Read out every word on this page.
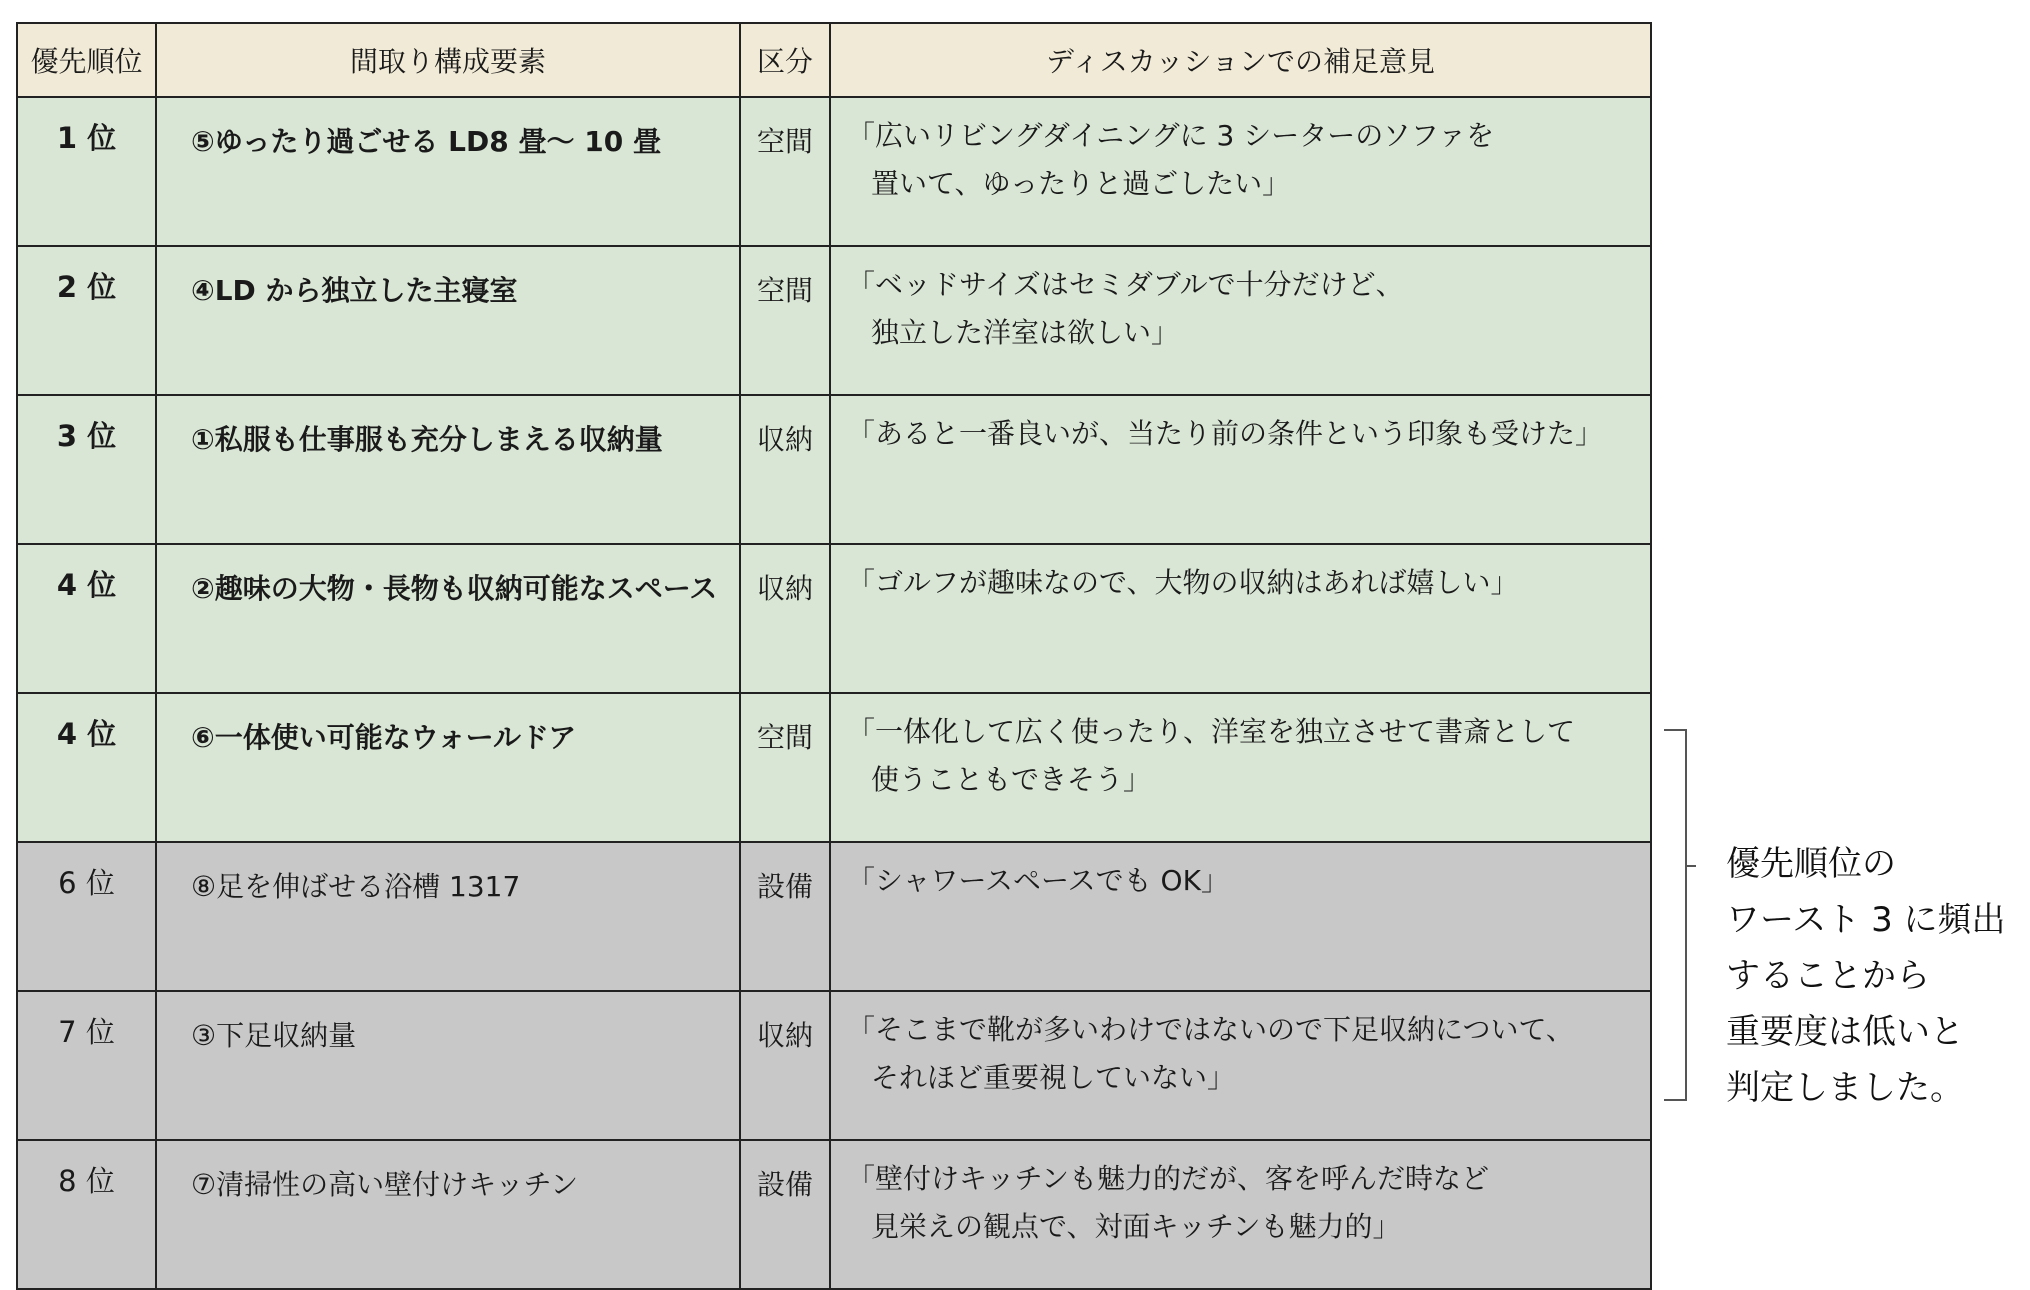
優先順位	間取り構成要素	区分	ディスカッションでの補足意見
1 位	⑤ゆったり過ごせる LD8 畳～ 10 畳	空間	「広いリビングダイニングに 3 シーターのソファを
置いて、ゆったりと過ごしたい」

2 位	④LD から独立した主寝室	空間	「ベッドサイズはセミダブルで十分だけど、
独立した洋室は欲しい」

3 位	①私服も仕事服も充分しまえる収納量	収納	「あると一番良いが、当たり前の条件という印象も受けた」

4 位	②趣味の大物・長物も収納可能なスペース	収納	「ゴルフが趣味なので、大物の収納はあれば嬉しい」

4 位	⑥一体使い可能なウォールドア	空間	「一体化して広く使ったり、洋室を独立させて書斎として
使うこともできそう」

6 位	⑧足を伸ばせる浴槽 1317	設備	「シャワースペースでも OK」

7 位	③下足収納量	収納	「そこまで靴が多いわけではないので下足収納について、
それほど重要視していない」

8 位	⑦清掃性の高い壁付けキッチン	設備	「壁付けキッチンも魅力的だが、客を呼んだ時など
見栄えの観点で、対面キッチンも魅力的」
優先順位の
ワースト 3 に頻出
することから
重要度は低いと
判定しました。
